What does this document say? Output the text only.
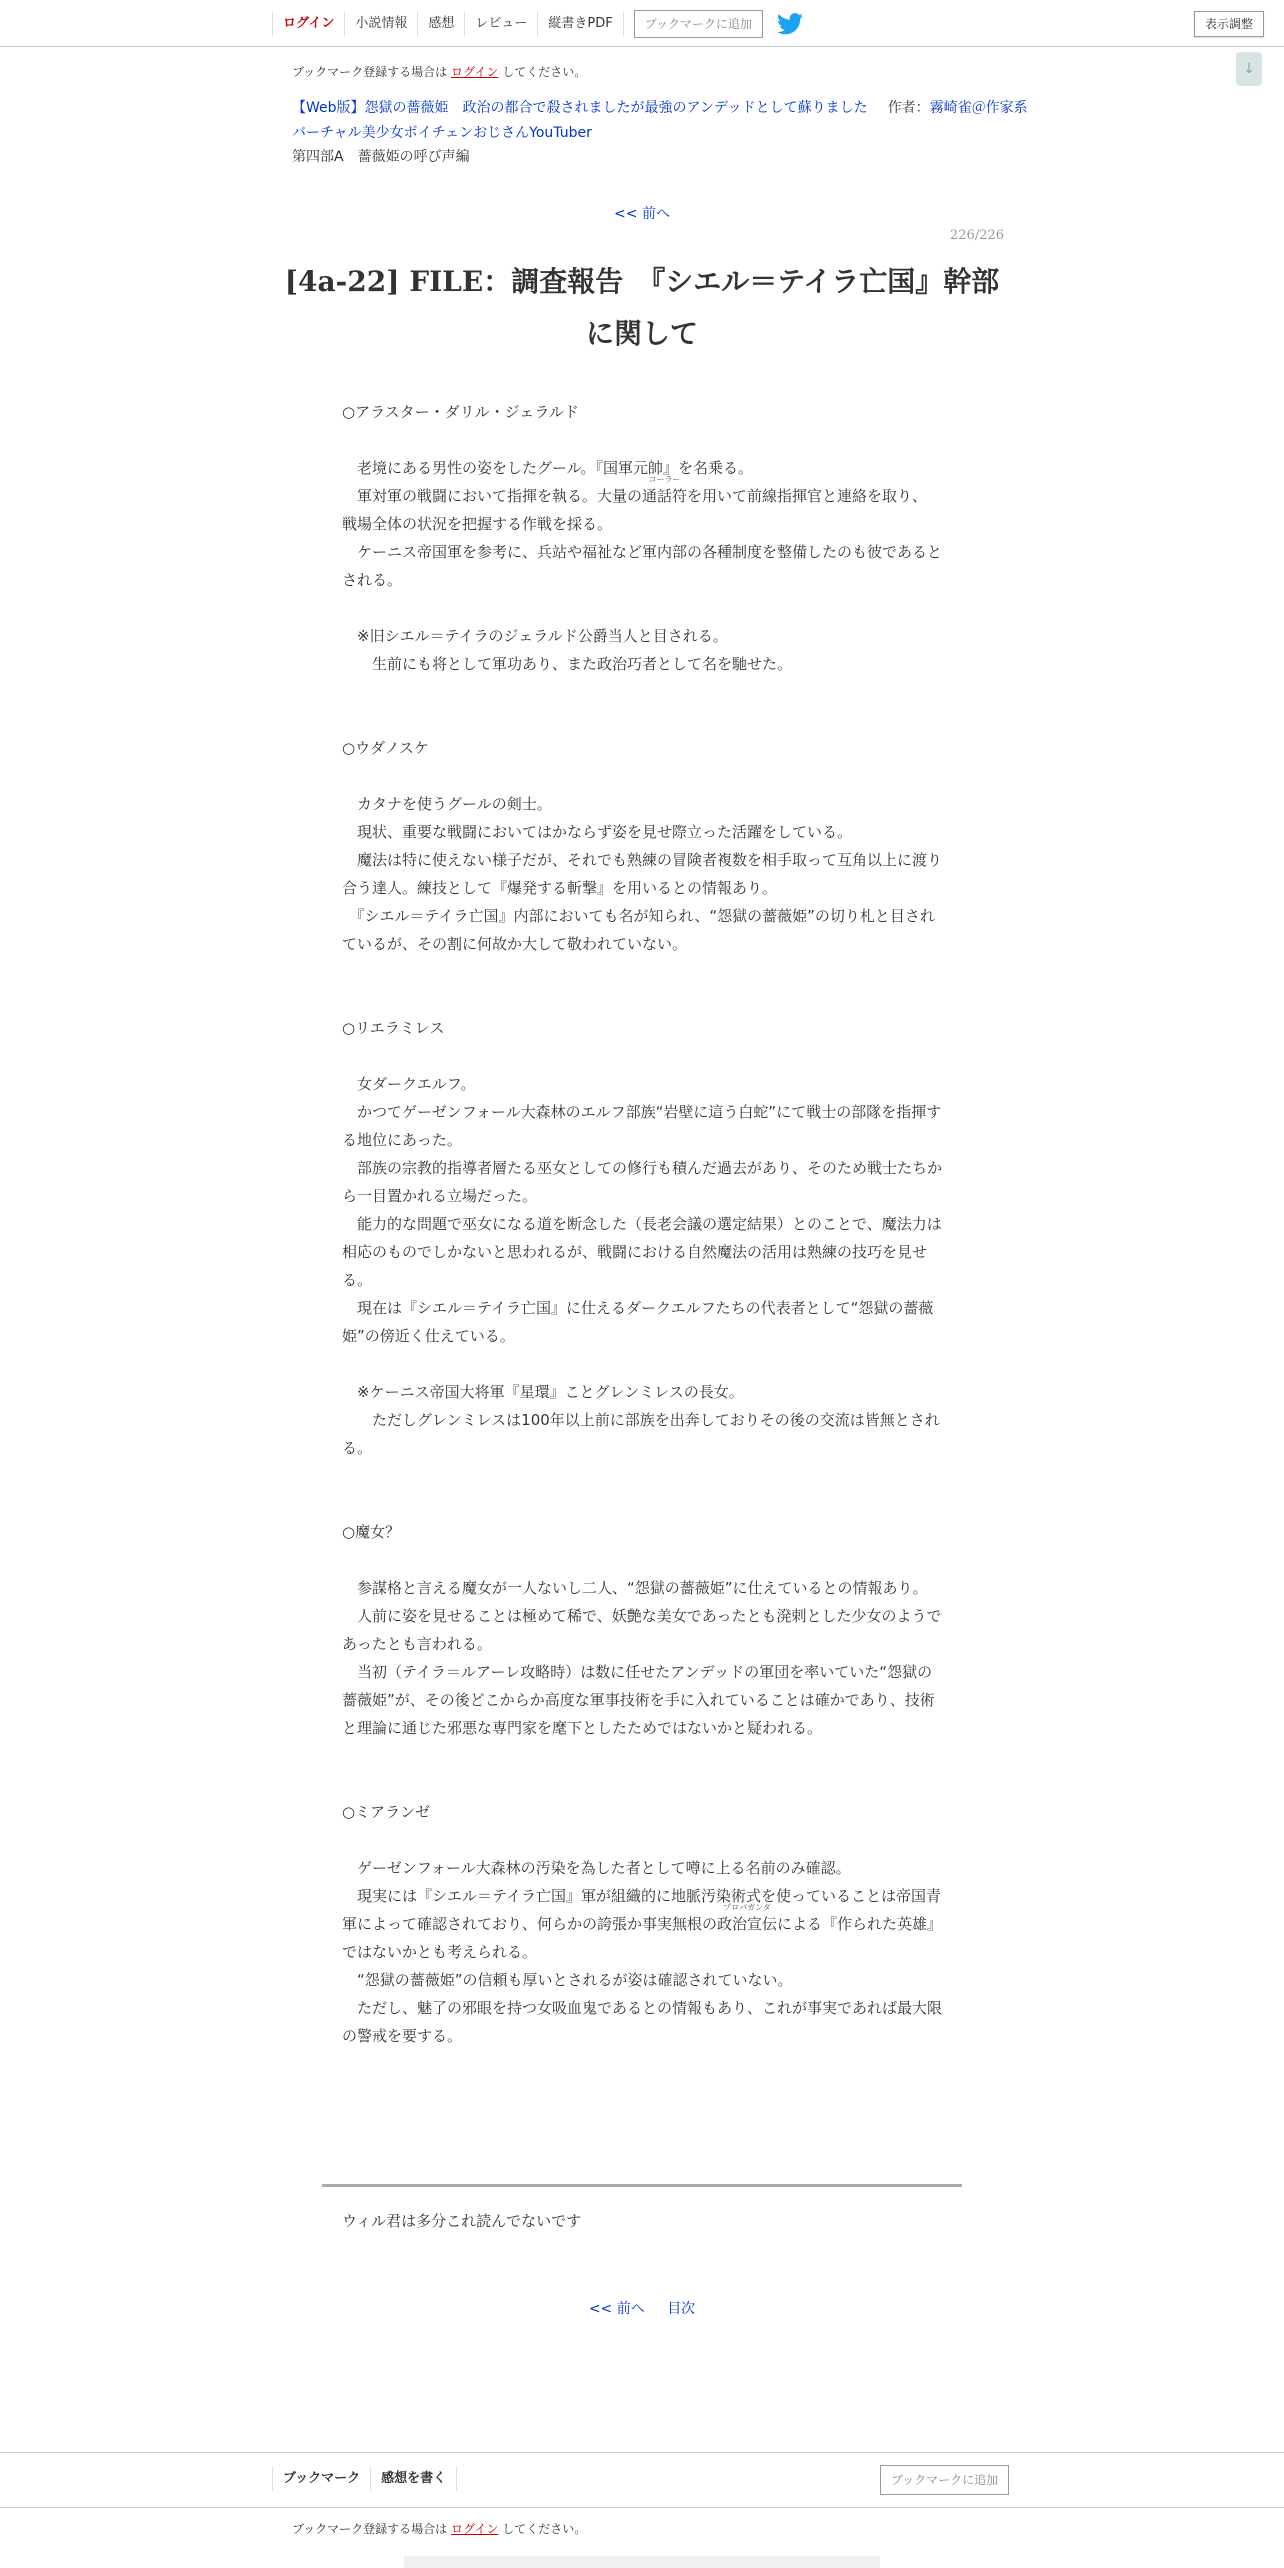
ログイン	小説情報	感想	レビュー	縦書きPDF	ブックマークに追加	表示調整
↓
ブックマーク登録する場合は ログイン してください。
【Web版】怨獄の薔薇姫　政治の都合で殺されましたが最強のアンデッドとして蘇りました 作者：霧崎雀＠作家系バーチャル美少女ボイチェンおじさんYouTuber
第四部A　薔薇姫の呼び声編
<< 前へ
226/226
[4a-22] FILE：調査報告　『シエル＝テイラ亡国』幹部に関して

○アラスター・ダリル・ジェラルド

　老境にある男性の姿をしたグール。『国軍元帥』を名乗る。

　軍対軍の戦闘において指揮を執る。大量の通話符
コーラー
を用いて前線指揮官と連絡を取り、戦場全体の状況を把握する作戦を採る。

　ケーニス帝国軍を参考に、兵站や福祉など軍内部の各種制度を整備したのも彼であるとされる。

　※旧シエル＝テイラのジェラルド公爵当人と目される。

　　生前にも将として軍功あり、また政治巧者として名を馳せた。

○ウダノスケ

　カタナを使うグールの剣士。

　現状、重要な戦闘においてはかならず姿を見せ際立った活躍をしている。

　魔法は特に使えない様子だが、それでも熟練の冒険者複数を相手取って互角以上に渡り合う達人。練技として『爆発する斬撃』を用いるとの情報あり。

　『シエル＝テイラ亡国』内部においても名が知られ、“怨獄の薔薇姫”の切り札と目されているが、その割に何故か大して敬われていない。

○リエラミレス

　女ダークエルフ。

　かつてゲーゼンフォール大森林のエルフ部族“岩壁に這う白蛇”にて戦士の部隊を指揮する地位にあった。

　部族の宗教的指導者層たる巫女としての修行も積んだ過去があり、そのため戦士たちから一目置かれる立場だった。

　能力的な問題で巫女になる道を断念した（長老会議の選定結果）とのことで、魔法力は相応のものでしかないと思われるが、戦闘における自然魔法の活用は熟練の技巧を見せる。

　現在は『シエル＝テイラ亡国』に仕えるダークエルフたちの代表者として“怨獄の薔薇姫”の傍近く仕えている。

　※ケーニス帝国大将軍『星環』ことグレンミレスの長女。

　　ただしグレンミレスは100年以上前に部族を出奔しておりその後の交流は皆無とされる。

○魔女？

　参謀格と言える魔女が一人ないし二人、“怨獄の薔薇姫”に仕えているとの情報あり。

　人前に姿を見せることは極めて稀で、妖艶な美女であったとも溌剌とした少女のようであったとも言われる。

　当初（テイラ＝ルアーレ攻略時）は数に任せたアンデッドの軍団を率いていた“怨獄の薔薇姫”が、その後どこからか高度な軍事技術を手に入れていることは確かであり、技術と理論に通じた邪悪な専門家を麾下としたためではないかと疑われる。

○ミアランゼ

　ゲーゼンフォール大森林の汚染を為した者として噂に上る名前のみ確認。

　現実には『シエル＝テイラ亡国』軍が組織的に地脈汚染術式を使っていることは帝国青軍によって確認されており、何らかの誇張か事実無根の政治宣伝
プロパガンダ
による『作られた英雄』ではないかとも考えられる。

　“怨獄の薔薇姫”の信頼も厚いとされるが姿は確認されていない。

　ただし、魅了の邪眼を持つ女吸血鬼であるとの情報もあり、これが事実であれば最大限の警戒を要する。

ウィル君は多分これ読んでないです
<< 前へ 目次
ブックマーク	感想を書く	ブックマークに追加
ブックマーク登録する場合は ログイン してください。
